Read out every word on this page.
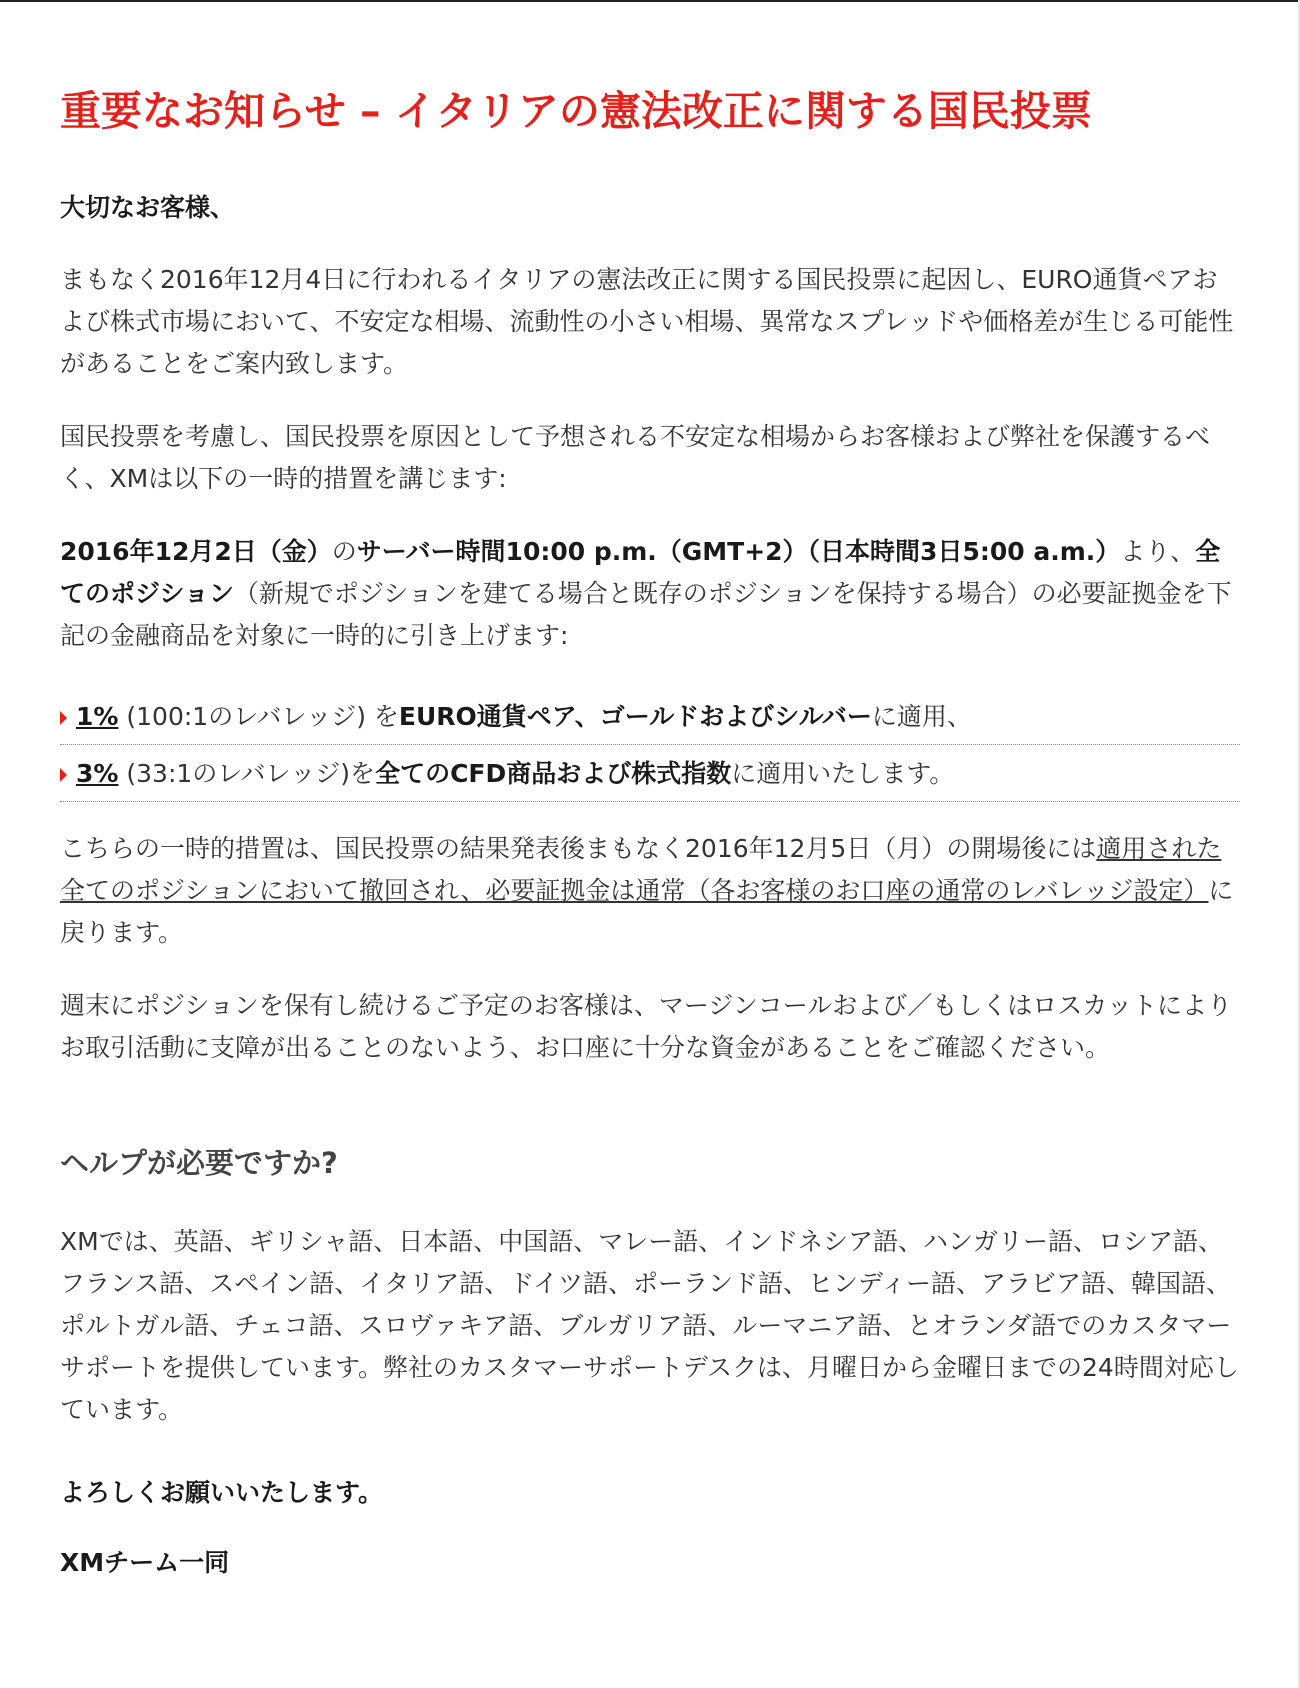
重要なお知らせ – イタリアの憲法改正に関する国民投票

大切なお客様、

まもなく2016年12月4日に行われるイタリアの憲法改正に関する国民投票に起因し、EURO通貨ペアおよび株式市場において、不安定な相場、流動性の小さい相場、異常なスプレッドや価格差が生じる可能性があることをご案内致します。

国民投票を考慮し、国民投票を原因として予想される不安定な相場からお客様および弊社を保護するべく、XMは以下の一時的措置を講じます:

2016年12月2日（金）のサーバー時間10:00 p.m.（GMT+2）（日本時間3日5:00 a.m.）より、全てのポジション（新規でポジションを建てる場合と既存のポジションを保持する場合）の必要証拠金を下記の金融商品を対象に一時的に引き上げます:

1% (100:1のレバレッジ) をEURO通貨ペア、ゴールドおよびシルバーに適用、
3% (33:1のレバレッジ)を全てのCFD商品および株式指数に適用いたします。

こちらの一時的措置は、国民投票の結果発表後まもなく2016年12月5日（月）の開場後には適用された全てのポジションにおいて撤回され、必要証拠金は通常（各お客様のお口座の通常のレバレッジ設定）に戻ります。

週末にポジションを保有し続けるご予定のお客様は、マージンコールおよび／もしくはロスカットによりお取引活動に支障が出ることのないよう、お口座に十分な資金があることをご確認ください。

ヘルプが必要ですか?

XMでは、英語、ギリシャ語、日本語、中国語、マレー語、インドネシア語、ハンガリー語、ロシア語、フランス語、スペイン語、イタリア語、ドイツ語、ポーランド語、ヒンディー語、アラビア語、韓国語、ポルトガル語、チェコ語、スロヴァキア語、ブルガリア語、ルーマニア語、とオランダ語でのカスタマーサポートを提供しています。弊社のカスタマーサポートデスクは、月曜日から金曜日までの24時間対応しています。

よろしくお願いいたします。

XMチーム一同
